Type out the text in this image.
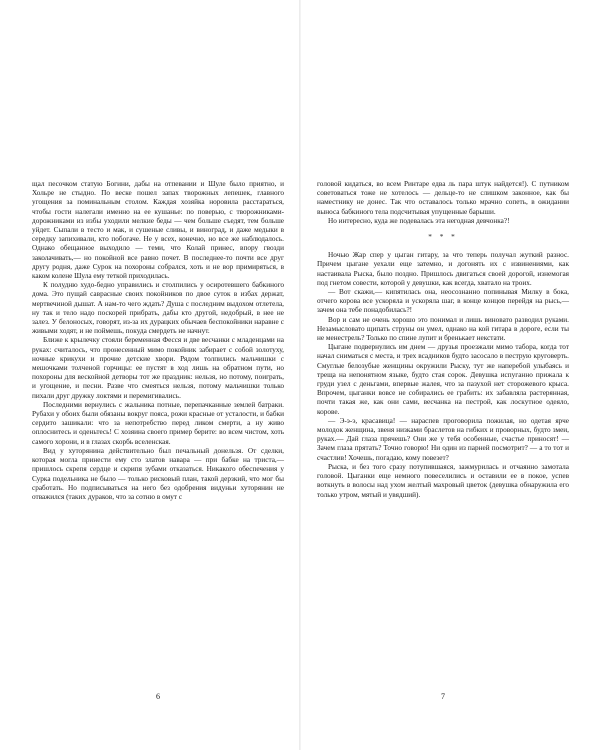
щал песочком статую Богини, дабы на отпевании и Шуле было приятно, и Хольре не стыдно. По веске пошел запах творожных лепешек, главного угощения за поминальным столом. Каждая хозяйка норовила расстараться, чтобы гости налегали именно на ее кушанье: по поверью, с творожниками-дорожниками из избы уходили мелкие беды — чем больше съедят, тем больше уйдет. Сыпали в тесто и мак, и сушеные сливы, и виноград, и даже медыки в середку запихивали, кто побогаче. Не у всех, конечно, но все же наблюдалось. Однако обещанное выходило — теми, что Колай принес, впору гвозди заколачивать,— но покойной все равно почет. В последнее-то почти все друг другу родня, даже Сурок на похороны собрался, хоть и не вор примиряться, в каком колене Шула ему теткой приходилась.

К полудню худо-бедно управились и столпились у осиротевшего бабкиного дома. Это пущай саврасные своих покойников по двое суток в избах держат, мертвечиной дышат. А нам-то чего ждать? Душа с последним выдохом отлетела, ну так и тело надо поскорей прибрать, дабы кто другой, недобрый, в нее не залез. У белоносых, говорят, из-за их дурацких обычаев беспокойники наравне с живыми ходят, и не поймешь, покуда смердеть не начнут.

Ближе к крылечку стояли беременная Фесся и две весчанки с младенцами на руках: считалось, что пронесенный мимо покойник забирает с собой золотуху, ночные крикухи и прочие детские хвори. Рядом толпились мальчишки с мешочками толченой горчицы: ее пустят в ход лишь на обратном пути, но похороны для вескойной детворы тот же праздник: нельзя, но потому, поиграть, и угощение, и песни. Разве что смеяться нельзя, потому мальчишки только пихали друг дружку локтями и перемигивались.

Последними вернулись с жальника потные, перепачканные землей батраки. Рубахи у обоих были обязаны вокруг пояса, рожи красные от усталости, и бабки сердито зашикали: что за непотребство перед ликом смерти, а ну живо оплоснитесь и оденьтесь! С хозяина своего пример берите: во всем чистом, хоть самого хорони, и в глазах скорбь вселенская.

Вид у хуторянина действительно был печальный донельзя. От сделки, которая могла принести ему сто златов навара — при бабке на триста,— пришлось скрепя сердце и скрипя зубами отказаться. Никакого обеспечения у Сурка подельника не было — только рисковый план, такой дерзкий, что мог бы сработать. Но подписываться на него без одобрения видуньи хуторянин не отважился (таких дураков, что за сотню в омут с

головой кидаться, во всем Ринтаре едва ль пара штук найдется!). С путником советоваться тоже не хотелось — дельце-то не слишком законное, как бы наместнику не донес. Так что оставалось только мрачно сопеть, в ожидании выноса бабкиного тела подсчитывая упущенные барыши.

Но интересно, куда же подевалась эта негодная девчонка?!

* * *

Ночью Жар спер у цыган гитару, за что теперь получал жуткий разнос. Причем цыгане уехали еще затемно, и догонять их с извинениями, как настаивала Рыска, было поздно. Пришлось двигаться своей дорогой, изнемогая под гнетом совести, которой у девушки, как всегда, хватало на троих.

— Вот скажи,— кипятилась она, неосознанно попинывая Милку в бока, отчего корова все ускоряла и ускоряла шаг, в конце концов перейдя на рысь,— зачем она тебе понадобилась?!

Вор и сам не очень хорошо это понимал и лишь виновато разводил руками. Незамысловато щипать струны он умел, однако на кой гитара в дороге, если ты не менестрель? Только по спине лупит и бренькает некстати.

Цыгане подвернулись им днем — друзья проезжали мимо табора, когда тот начал сниматься с места, и трех всадников будто засосало в пеструю круговерть. Смуглые белозубые женщины окружили Рыску, тут же наперебой улыбаясь и треща на непонятном языке, будто стая сорок. Девушка испуганно прижала к груди узел с деньгами, впервые жалея, что за пазухой нет сторожевого крыса. Впрочем, цыганки вовсе не собирались ее грабить: их забавляла растерянная, почти такая же, как они сами, весчанка на пестрой, как лоскутное одеяло, корове.

— Э-э-э, красавица! — нараспев проговорила пожилая, но одетая ярче молодок женщина, звеня низками браслетов на гибких и проворных, будто змеи, руках.— Дай глаза прячешь? Они же у тебя особенные, счастье приносят! — Зачем глаза прятать? Точно говорю! Ни один из парней посмотрит? — а то тот и счастлив! Хочешь, погадаю, кому повезет?

Рыска, и без того сразу потупившаяся, зажмурилась и отчаянно замотала головой. Цыганки еще немного повеселились и оставили ее в покое, успев воткнуть в волосы над ухом желтый махровый цветок (девушка обнаружила его только утром, мятый и увядший).

6	7
